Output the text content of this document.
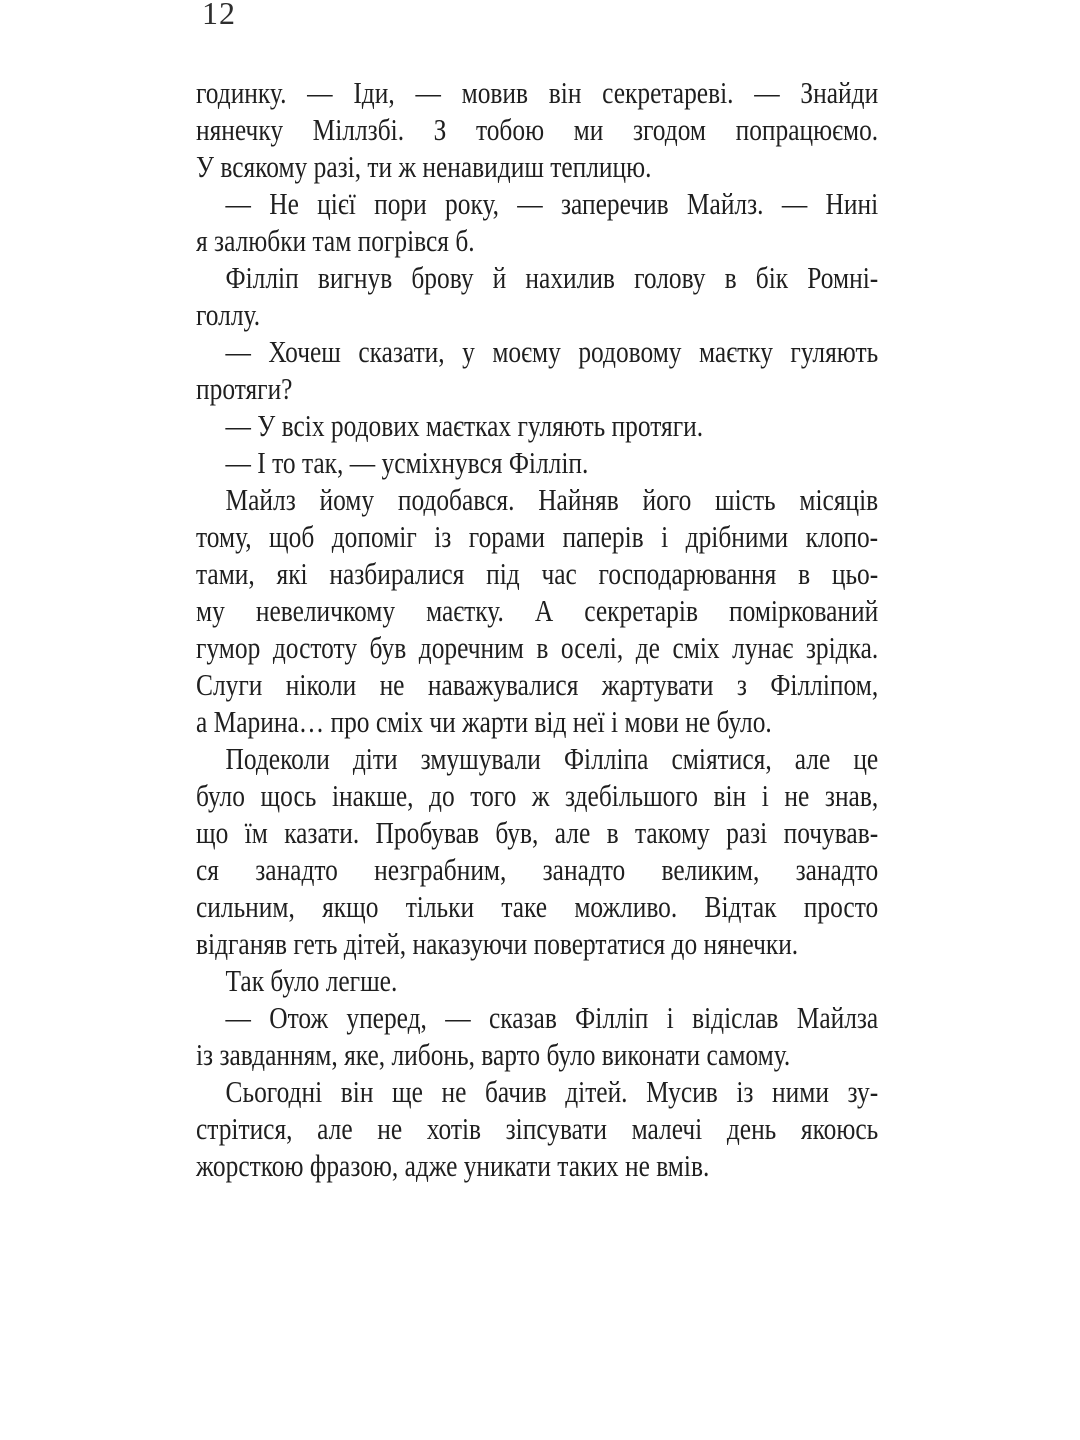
12
годинку. — Іди, — мовив він секретареві. — Знайди
нянечку Міллзбі. З тобою ми згодом попрацюємо.
У всякому разі, ти ж ненавидиш теплицю.
— Не цієї пори року, — заперечив Майлз. — Нині
я залюбки там погрівся б.
Філліп вигнув брову й нахилив голову в бік Ромні-
голлу.
— Хочеш сказати, у моєму родовому маєтку гуляють
протяги?
— У всіх родових маєтках гуляють протяги.
— І то так, — усміхнувся Філліп.
Майлз йому подобався. Найняв його шість місяців
тому, щоб допоміг із горами паперів і дрібними клопо-
тами, які назбиралися під час господарювання в цьо-
му невеличкому маєтку. А секретарів поміркований
гумор достоту був доречним в оселі, де сміх лунає зрідка.
Слуги ніколи не наважувалися жартувати з Філліпом,
а Марина… про сміх чи жарти від неї і мови не було.
Подеколи діти змушували Філліпа сміятися, але це
було щось інакше, до того ж здебільшого він і не знав,
що їм казати. Пробував був, але в такому разі почував-
ся занадто незграбним, занадто великим, занадто
сильним, якщо тільки таке можливо. Відтак просто
відганяв геть дітей, наказуючи повертатися до нянечки.
Так було легше.
— Отож уперед, — сказав Філліп і відіслав Майлза
із завданням, яке, либонь, варто було виконати самому.
Сьогодні він ще не бачив дітей. Мусив із ними зу-
стрітися, але не хотів зіпсувати малечі день якоюсь
жорсткою фразою, адже уникати таких не вмів.
